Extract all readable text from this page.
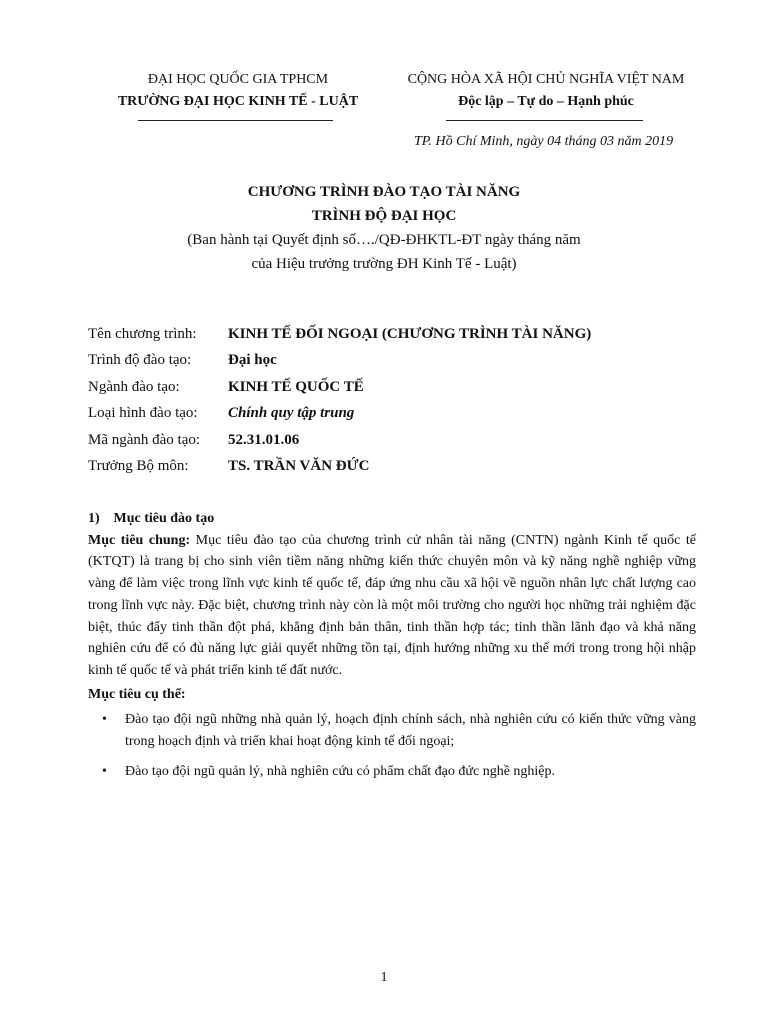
ĐẠI HỌC QUỐC GIA TPHCM
TRƯỜNG ĐẠI HỌC KINH TẾ - LUẬT
CỘNG HÒA XÃ HỘI CHỦ NGHĨA VIỆT NAM
Độc lập – Tự do – Hạnh phúc
TP. Hồ Chí Minh, ngày 04 tháng 03 năm 2019
CHƯƠNG TRÌNH ĐÀO TẠO TÀI NĂNG
TRÌNH ĐỘ ĐẠI HỌC
(Ban hành tại Quyết định số…./QĐ-ĐHKTL-ĐT ngày tháng năm
của Hiệu trưởng trường ĐH Kinh Tế - Luật)
Tên chương trình:	KINH TẾ ĐỐI NGOẠI (CHƯƠNG TRÌNH TÀI NĂNG)
Trình độ đào tạo:	Đại học
Ngành đào tạo:	KINH TẾ QUỐC TẾ
Loại hình đào tạo:	Chính quy tập trung
Mã ngành đào tạo:	52.31.01.06
Trưởng Bộ môn:	TS. TRẦN VĂN ĐỨC
1) Mục tiêu đào tạo

Mục tiêu chung: Mục tiêu đào tạo của chương trình cử nhân tài năng (CNTN) ngành Kinh tế quốc tế (KTQT) là trang bị cho sinh viên tiềm năng những kiến thức chuyên môn và kỹ năng nghề nghiệp vững vàng để làm việc trong lĩnh vực kinh tế quốc tế, đáp ứng nhu cầu xã hội về nguồn nhân lực chất lượng cao trong lĩnh vực này. Đặc biệt, chương trình này còn là một môi trường cho người học những trải nghiệm đặc biệt, thúc đẩy tinh thần đột phá, khẳng định bản thân, tinh thần hợp tác; tinh thần lãnh đạo và khả năng nghiên cứu để có đủ năng lực giải quyết những tồn tại, định hướng những xu thế mới trong trong hội nhập kinh tế quốc tế và phát triển kinh tế đất nước.

Mục tiêu cụ thể:
• Đào tạo đội ngũ những nhà quản lý, hoạch định chính sách, nhà nghiên cứu có kiến thức vững vàng trong hoạch định và triển khai hoạt động kinh tế đối ngoại;
• Đào tạo đội ngũ quản lý, nhà nghiên cứu có phẩm chất đạo đức nghề nghiệp.
1
